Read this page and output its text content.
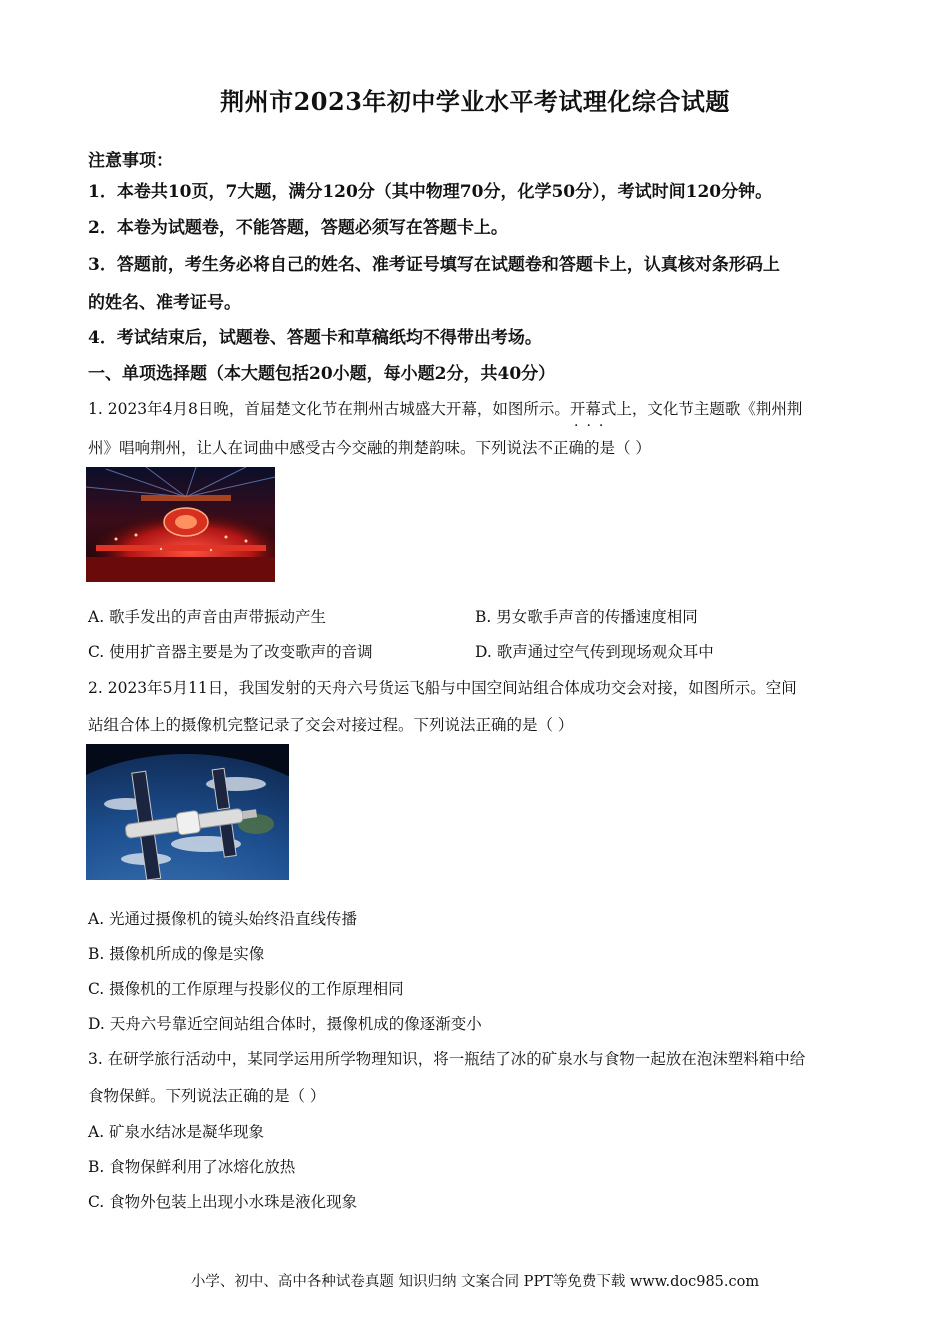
荆州市2023年初中学业水平考试理化综合试题
注意事项：
1．本卷共10页，7大题，满分120分（其中物理70分，化学50分），考试时间120分钟。
2．本卷为试题卷，不能答题，答题必须写在答题卡上。
3．答题前，考生务必将自己的姓名、准考证号填写在试题卷和答题卡上，认真核对条形码上
的姓名、准考证号。
4．考试结束后，试题卷、答题卡和草稿纸均不得带出考场。
一、单项选择题（本大题包括20小题，每小题2分，共40分）
1. 2023年4月8日晚，首届楚文化节在荆州古城盛大开幕，如图所示。开幕式上，文化节主题歌《荆州荆
···
州》唱响荆州，让人在词曲中感受古今交融的荆楚韵味。下列说法不正确的是（ ）
A. 歌手发出的声音由声带振动产生	B. 男女歌手声音的传播速度相同
C. 使用扩音器主要是为了改变歌声的音调	D. 歌声通过空气传到现场观众耳中
2. 2023年5月11日，我国发射的天舟六号货运飞船与中国空间站组合体成功交会对接，如图所示。空间
站组合体上的摄像机完整记录了交会对接过程。下列说法正确的是（ ）
A. 光通过摄像机的镜头始终沿直线传播
B. 摄像机所成的像是实像
C. 摄像机的工作原理与投影仪的工作原理相同
D. 天舟六号靠近空间站组合体时，摄像机成的像逐渐变小
3. 在研学旅行活动中，某同学运用所学物理知识，将一瓶结了冰的矿泉水与食物一起放在泡沫塑料箱中给
食物保鲜。下列说法正确的是（ ）
A. 矿泉水结冰是凝华现象
B. 食物保鲜利用了冰熔化放热
C. 食物外包装上出现小水珠是液化现象
小学、初中、高中各种试卷真题 知识归纳 文案合同 PPT等免费下载 www.doc985.com
